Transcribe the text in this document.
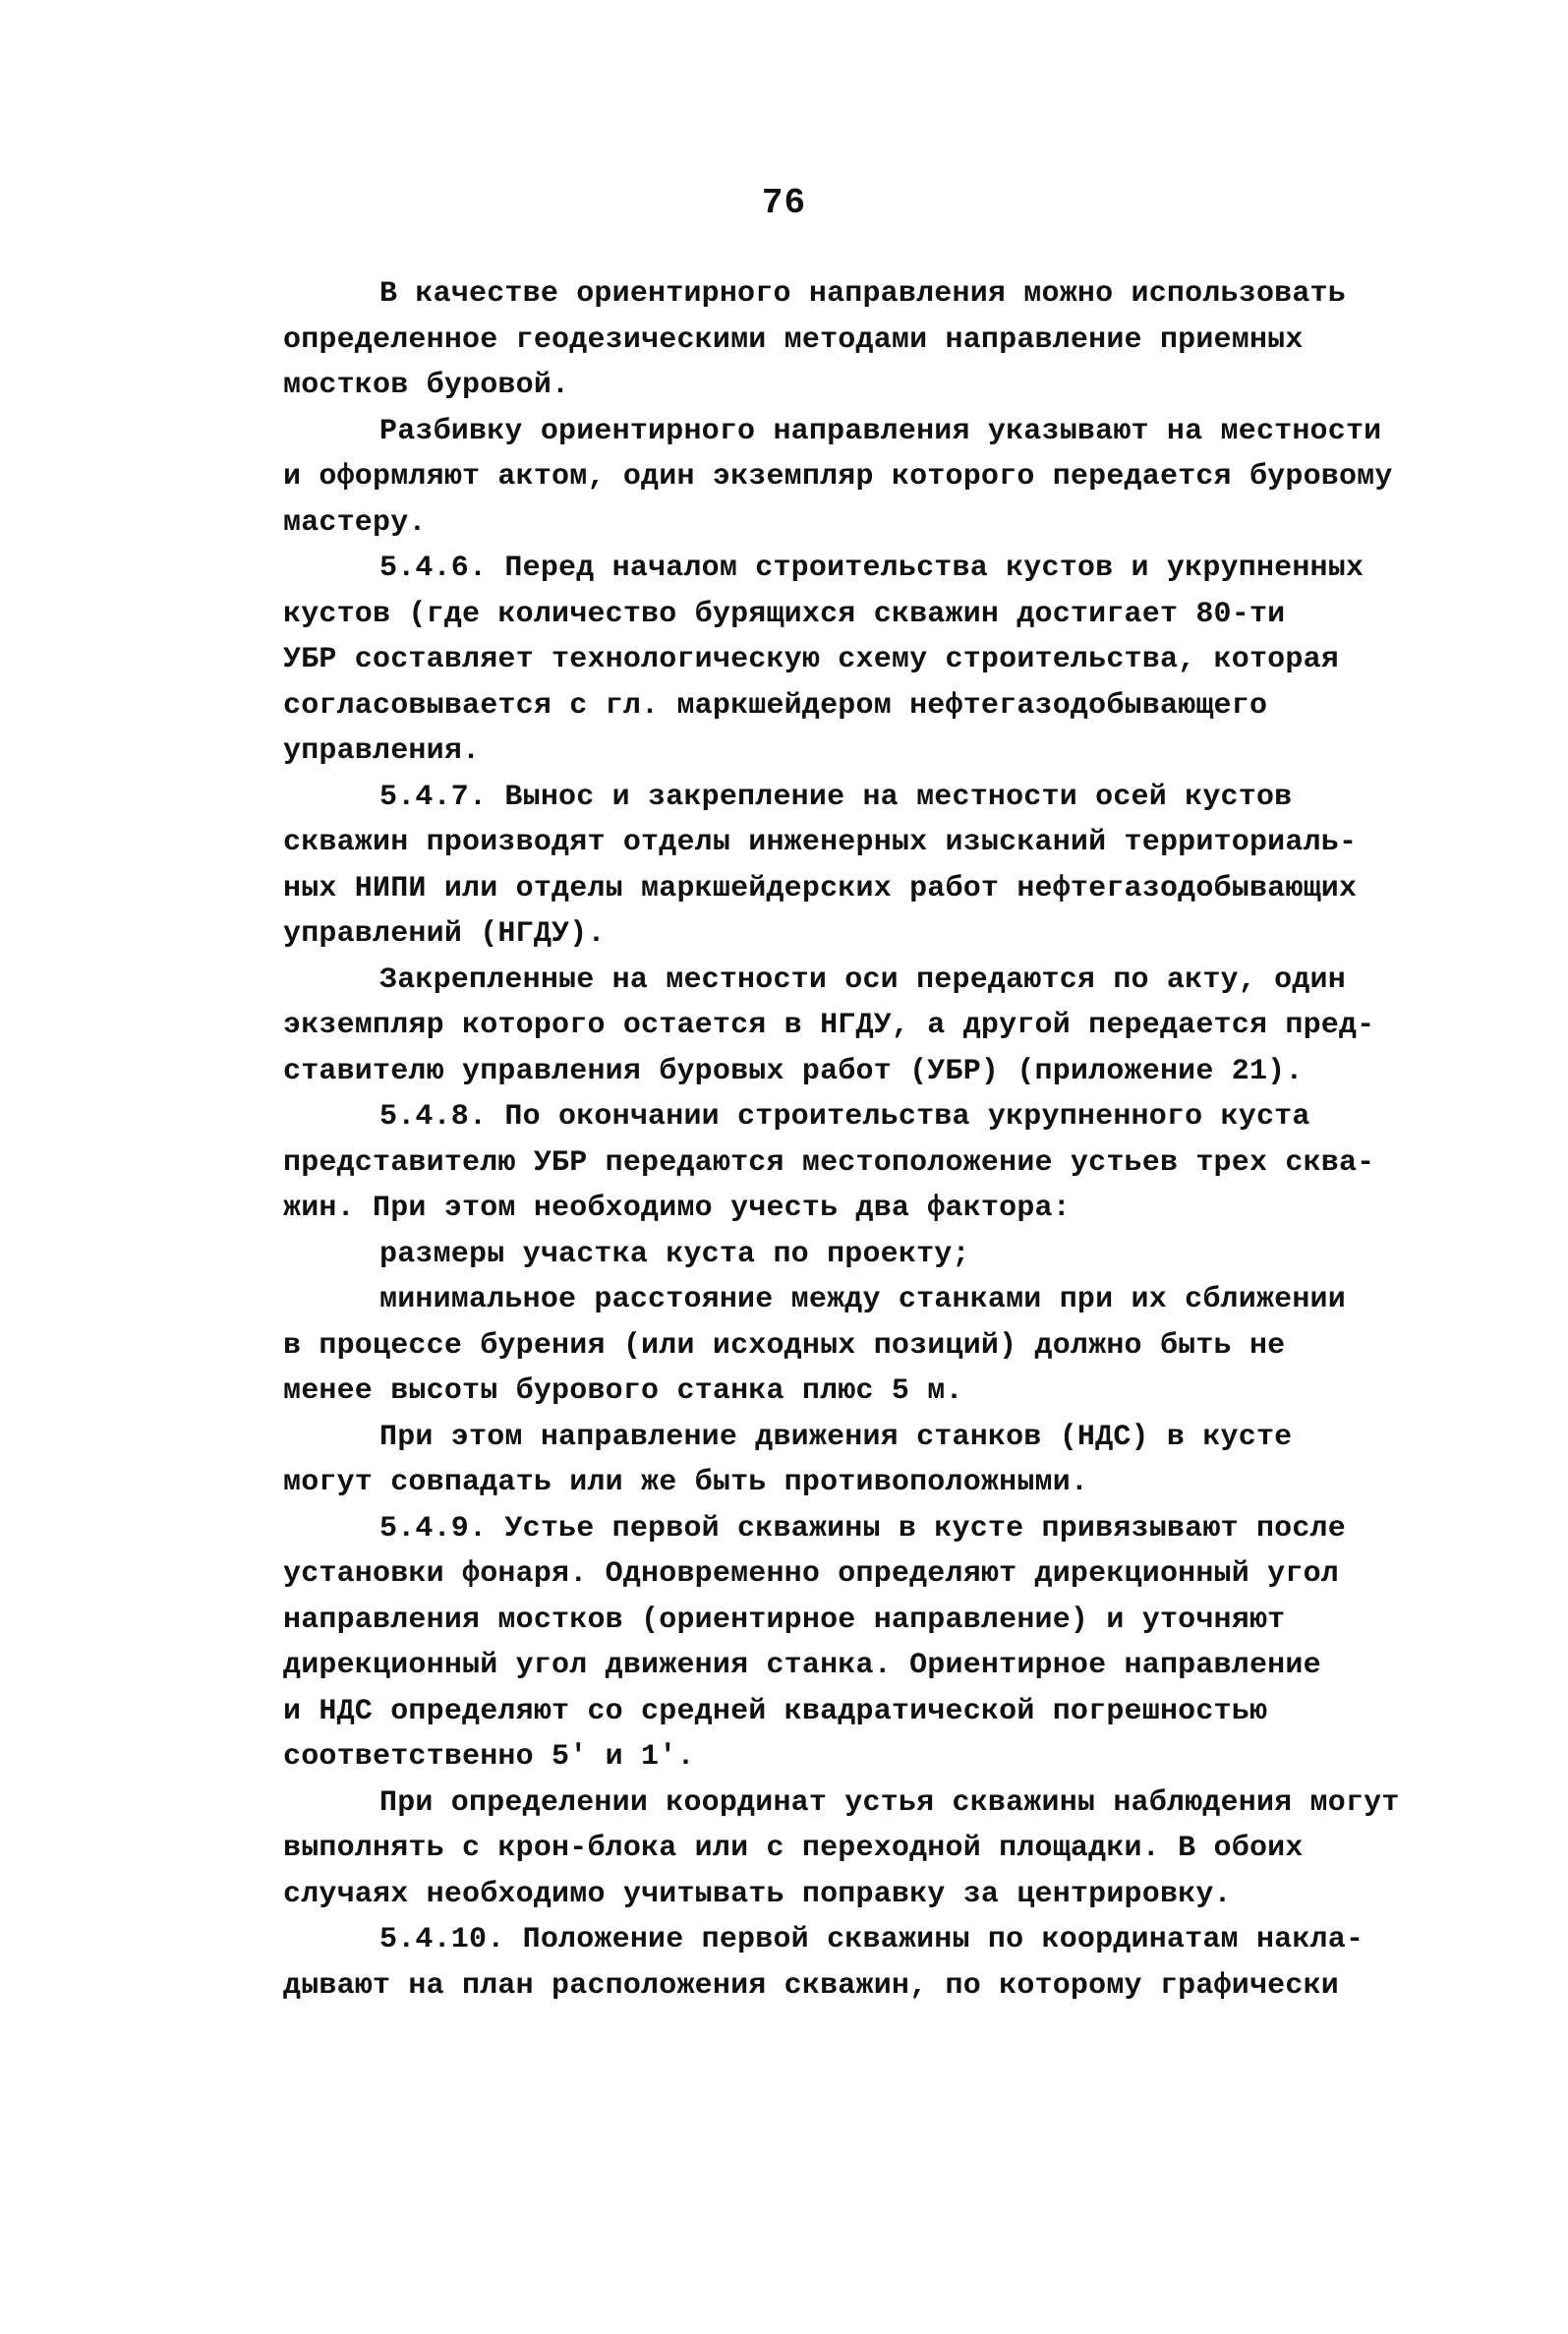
76
В качестве ориентирного направления можно использовать
определенное геодезическими методами направление приемных
мостков буровой.
Разбивку ориентирного направления указывают на местности
и оформляют актом, один экземпляр которого передается буровому
мастеру.
5.4.6. Перед началом строительства кустов и укрупненных
кустов (где количество бурящихся скважин достигает 80-ти
УБР составляет технологическую схему строительства, которая
согласовывается с гл. маркшейдером нефтегазодобывающего
управления.
5.4.7. Вынос и закрепление на местности осей кустов
скважин производят отделы инженерных изысканий территориаль-
ных НИПИ или отделы маркшейдерских работ нефтегазодобывающих
управлений (НГДУ).
Закрепленные на местности оси передаются по акту, один
экземпляр которого остается в НГДУ, а другой передается пред-
ставителю управления буровых работ (УБР) (приложение 21).
5.4.8. По окончании строительства укрупненного куста
представителю УБР передаются местоположение устьев трех сква-
жин. При этом необходимо учесть два фактора:
размеры участка куста по проекту;
минимальное расстояние между станками при их сближении
в процессе бурения (или исходных позиций) должно быть не
менее высоты бурового станка плюс 5 м.
При этом направление движения станков (НДС) в кусте
могут совпадать или же быть противоположными.
5.4.9. Устье первой скважины в кусте привязывают после
установки фонаря. Одновременно определяют дирекционный угол
направления мостков (ориентирное направление) и уточняют
дирекционный угол движения станка. Ориентирное направление
и НДС определяют со средней квадратической погрешностью
соответственно 5′ и 1′.
При определении координат устья скважины наблюдения могут
выполнять с крон-блока или с переходной площадки. В обоих
случаях необходимо учитывать поправку за центрировку.
5.4.10. Положение первой скважины по координатам накла-
дывают на план расположения скважин, по которому графически
